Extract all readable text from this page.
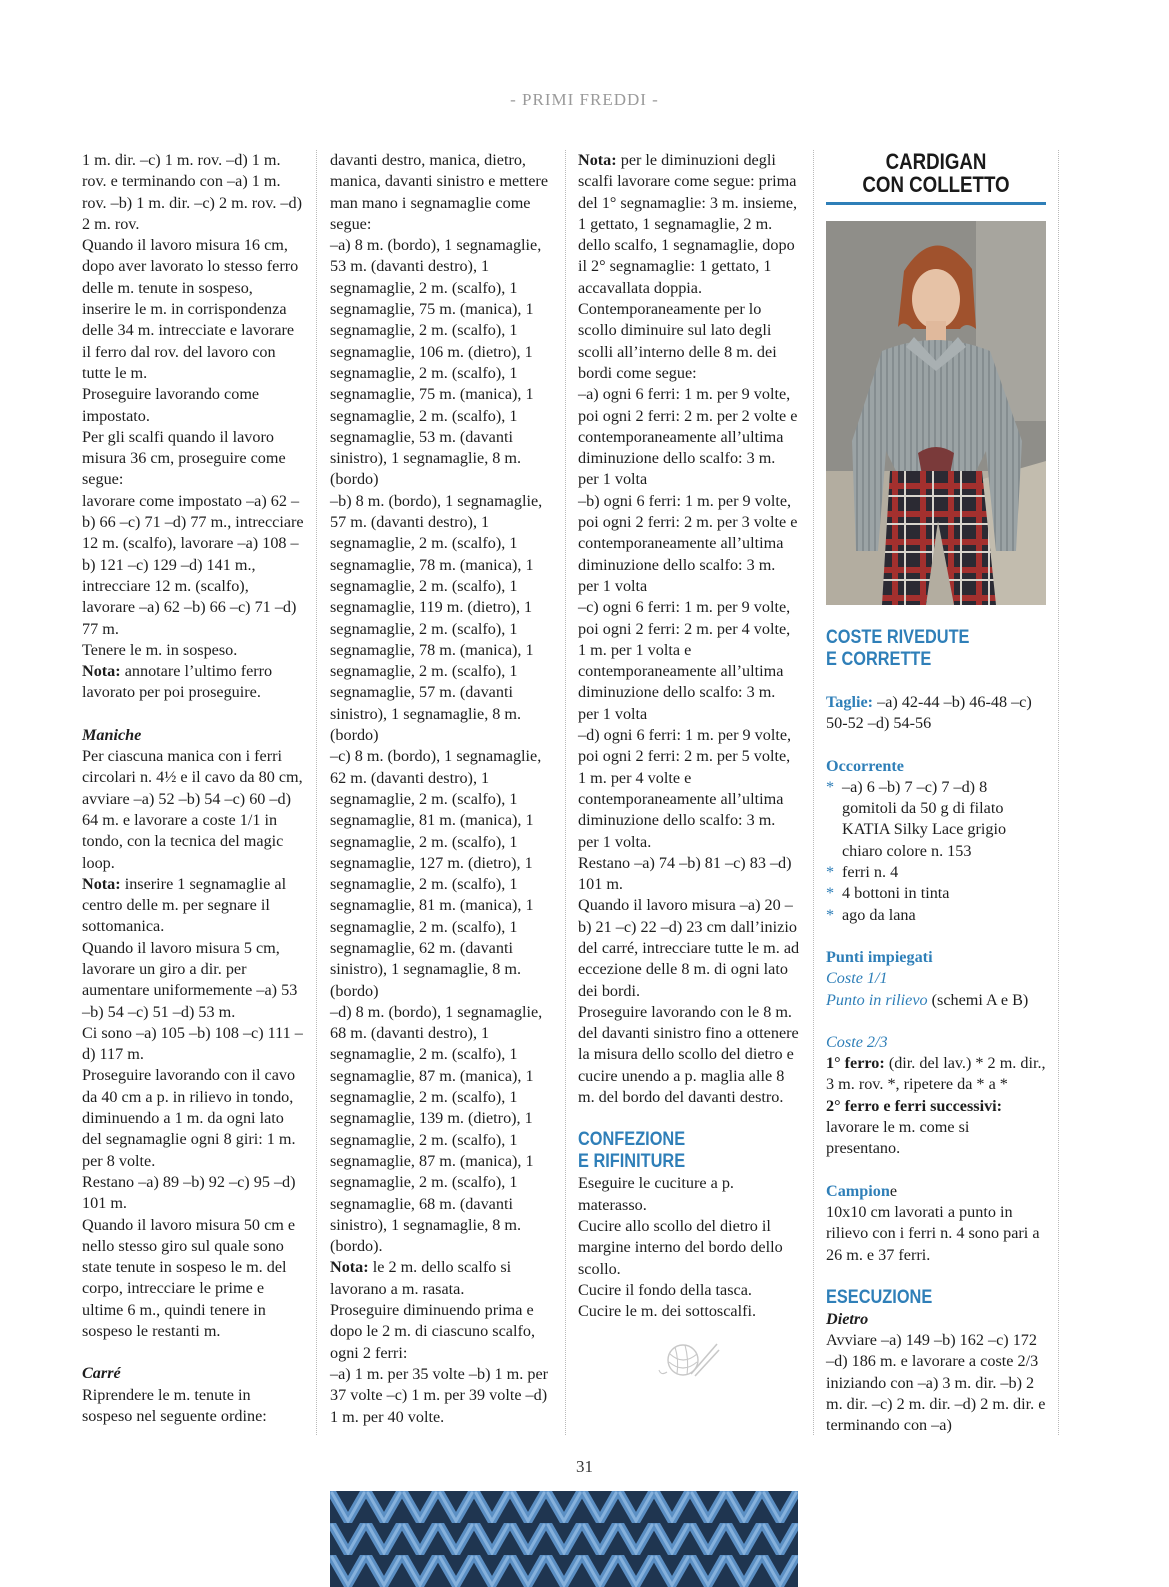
- PRIMI FREDDI -

1 m. dir. –c) 1 m. rov. –d) 1 m. rov. e terminando con –a) 1 m. rov. –b) 1 m. dir. –c) 2 m. rov. –d) 2 m. rov.

Quando il lavoro misura 16 cm, dopo aver lavorato lo stesso ferro delle m. tenute in sospeso, inserire le m. in corrispondenza delle 34 m. intrecciate e lavorare il ferro dal rov. del lavoro con tutte le m.

Proseguire lavorando come impostato.

Per gli scalfi quando il lavoro misura 36 cm, proseguire come segue:

lavorare come impostato –a) 62 –b) 66 –c) 71 –d) 77 m., intrecciare 12 m. (scalfo), lavorare –a) 108 –b) 121 –c) 129 –d) 141 m., intrecciare 12 m. (scalfo), lavorare –a) 62 –b) 66 –c) 71 –d) 77 m.

Tenere le m. in sospeso.

Nota: annotare l’ultimo ferro lavorato per poi proseguire.

Maniche

Per ciascuna manica con i ferri circolari n. 4½ e il cavo da 80 cm, avviare –a) 52 –b) 54 –c) 60 –d) 64 m. e lavorare a coste 1/1 in tondo, con la tecnica del magic loop.

Nota: inserire 1 segnamaglie al centro delle m. per segnare il sottomanica.

Quando il lavoro misura 5 cm, lavorare un giro a dir. per aumentare uniformemente –a) 53 –b) 54 –c) 51 –d) 53 m.

Ci sono –a) 105 –b) 108 –c) 111 –d) 117 m.

Proseguire lavorando con il cavo da 40 cm a p. in rilievo in tondo, diminuendo a 1 m. da ogni lato del segnamaglie ogni 8 giri: 1 m. per 8 volte.

Restano –a) 89 –b) 92 –c) 95 –d) 101 m.

Quando il lavoro misura 50 cm e nello stesso giro sul quale sono state tenute in sospeso le m. del corpo, intrecciare le prime e ultime 6 m., quindi tenere in sospeso le restanti m.

Carré

Riprendere le m. tenute in sospeso nel seguente ordine:

davanti destro, manica, dietro, manica, davanti sinistro e mettere man mano i segnamaglie come segue:

–a) 8 m. (bordo), 1 segnamaglie, 53 m. (davanti destro), 1 segnamaglie, 2 m. (scalfo), 1 segnamaglie, 75 m. (manica), 1 segnamaglie, 2 m. (scalfo), 1 segnamaglie, 106 m. (dietro), 1 segnamaglie, 2 m. (scalfo), 1 segnamaglie, 75 m. (manica), 1 segnamaglie, 2 m. (scalfo), 1 segnamaglie, 53 m. (davanti sinistro), 1 segnamaglie, 8 m. (bordo)

–b) 8 m. (bordo), 1 segnamaglie, 57 m. (davanti destro), 1 segnamaglie, 2 m. (scalfo), 1 segnamaglie, 78 m. (manica), 1 segnamaglie, 2 m. (scalfo), 1 segnamaglie, 119 m. (dietro), 1 segnamaglie, 2 m. (scalfo), 1 segnamaglie, 78 m. (manica), 1 segnamaglie, 2 m. (scalfo), 1 segnamaglie, 57 m. (davanti sinistro), 1 segnamaglie, 8 m. (bordo)

–c) 8 m. (bordo), 1 segnamaglie, 62 m. (davanti destro), 1 segnamaglie, 2 m. (scalfo), 1 segnamaglie, 81 m. (manica), 1 segnamaglie, 2 m. (scalfo), 1 segnamaglie, 127 m. (dietro), 1 segnamaglie, 2 m. (scalfo), 1 segnamaglie, 81 m. (manica), 1 segnamaglie, 2 m. (scalfo), 1 segnamaglie, 62 m. (davanti sinistro), 1 segnamaglie, 8 m. (bordo)

–d) 8 m. (bordo), 1 segnamaglie, 68 m. (davanti destro), 1 segnamaglie, 2 m. (scalfo), 1 segnamaglie, 87 m. (manica), 1 segnamaglie, 2 m. (scalfo), 1 segnamaglie, 139 m. (dietro), 1 segnamaglie, 2 m. (scalfo), 1 segnamaglie, 87 m. (manica), 1 segnamaglie, 2 m. (scalfo), 1 segnamaglie, 68 m. (davanti sinistro), 1 segnamaglie, 8 m. (bordo).

Nota: le 2 m. dello scalfo si lavorano a m. rasata.

Proseguire diminuendo prima e dopo le 2 m. di ciascuno scalfo, ogni 2 ferri:

–a) 1 m. per 35 volte –b) 1 m. per 37 volte –c) 1 m. per 39 volte –d) 1 m. per 40 volte.

Nota: per le diminuzioni degli scalfi lavorare come segue: prima del 1° segnamaglie: 3 m. insieme, 1 gettato, 1 segnamaglie, 2 m. dello scalfo, 1 segnamaglie, dopo il 2° segnamaglie: 1 gettato, 1 accavallata doppia.

Contemporaneamente per lo scollo diminuire sul lato degli scolli all’interno delle 8 m. dei bordi come segue:

–a) ogni 6 ferri: 1 m. per 9 volte, poi ogni 2 ferri: 2 m. per 2 volte e contemporaneamente all’ultima diminuzione dello scalfo: 3 m. per 1 volta

–b) ogni 6 ferri: 1 m. per 9 volte, poi ogni 2 ferri: 2 m. per 3 volte e contemporaneamente all’ultima diminuzione dello scalfo: 3 m. per 1 volta

–c) ogni 6 ferri: 1 m. per 9 volte, poi ogni 2 ferri: 2 m. per 4 volte, 1 m. per 1 volta e contemporaneamente all’ultima diminuzione dello scalfo: 3 m. per 1 volta

–d) ogni 6 ferri: 1 m. per 9 volte, poi ogni 2 ferri: 2 m. per 5 volte, 1 m. per 4 volte e contemporaneamente all’ultima diminuzione dello scalfo: 3 m. per 1 volta.

Restano –a) 74 –b) 81 –c) 83 –d) 101 m.

Quando il lavoro misura –a) 20 –b) 21 –c) 22 –d) 23 cm dall’inizio del carré, intrecciare tutte le m. ad eccezione delle 8 m. di ogni lato dei bordi.

Proseguire lavorando con le 8 m. del davanti sinistro fino a ottenere la misura dello scollo del dietro e cucire unendo a p. maglia alle 8 m. del bordo del davanti destro.

CONFEZIONE
E RIFINITURE

Eseguire le cuciture a p. materasso.

Cucire allo scollo del dietro il margine interno del bordo dello scollo.

Cucire il fondo della tasca.

Cucire le m. dei sottoscalfi.

CARDIGAN
CON COLLETTO
COSTE RIVEDUTE
E CORRETTE

Taglie: –a) 42-44 –b) 46-48 –c) 50-52 –d) 54-56

Occorrente

* –a) 6 –b) 7 –c) 7 –d) 8 gomitoli da 50 g di filato KATIA Silky Lace grigio chiaro colore n. 153
* ferri n. 4
* 4 bottoni in tinta
* ago da lana

Punti impiegati

Coste 1/1

Punto in rilievo (schemi A e B)

Coste 2/3

1° ferro: (dir. del lav.) * 2 m. dir., 3 m. rov. *, ripetere da * a *

2° ferro e ferri successivi: lavorare le m. come si presentano.

Campione

10x10 cm lavorati a punto in rilievo con i ferri n. 4 sono pari a 26 m. e 37 ferri.

ESECUZIONE

Dietro

Avviare –a) 149 –b) 162 –c) 172 –d) 186 m. e lavorare a coste 2/3 iniziando con –a) 3 m. dir. –b) 2 m. dir. –c) 2 m. dir. –d) 2 m. dir. e terminando con –a)

31
